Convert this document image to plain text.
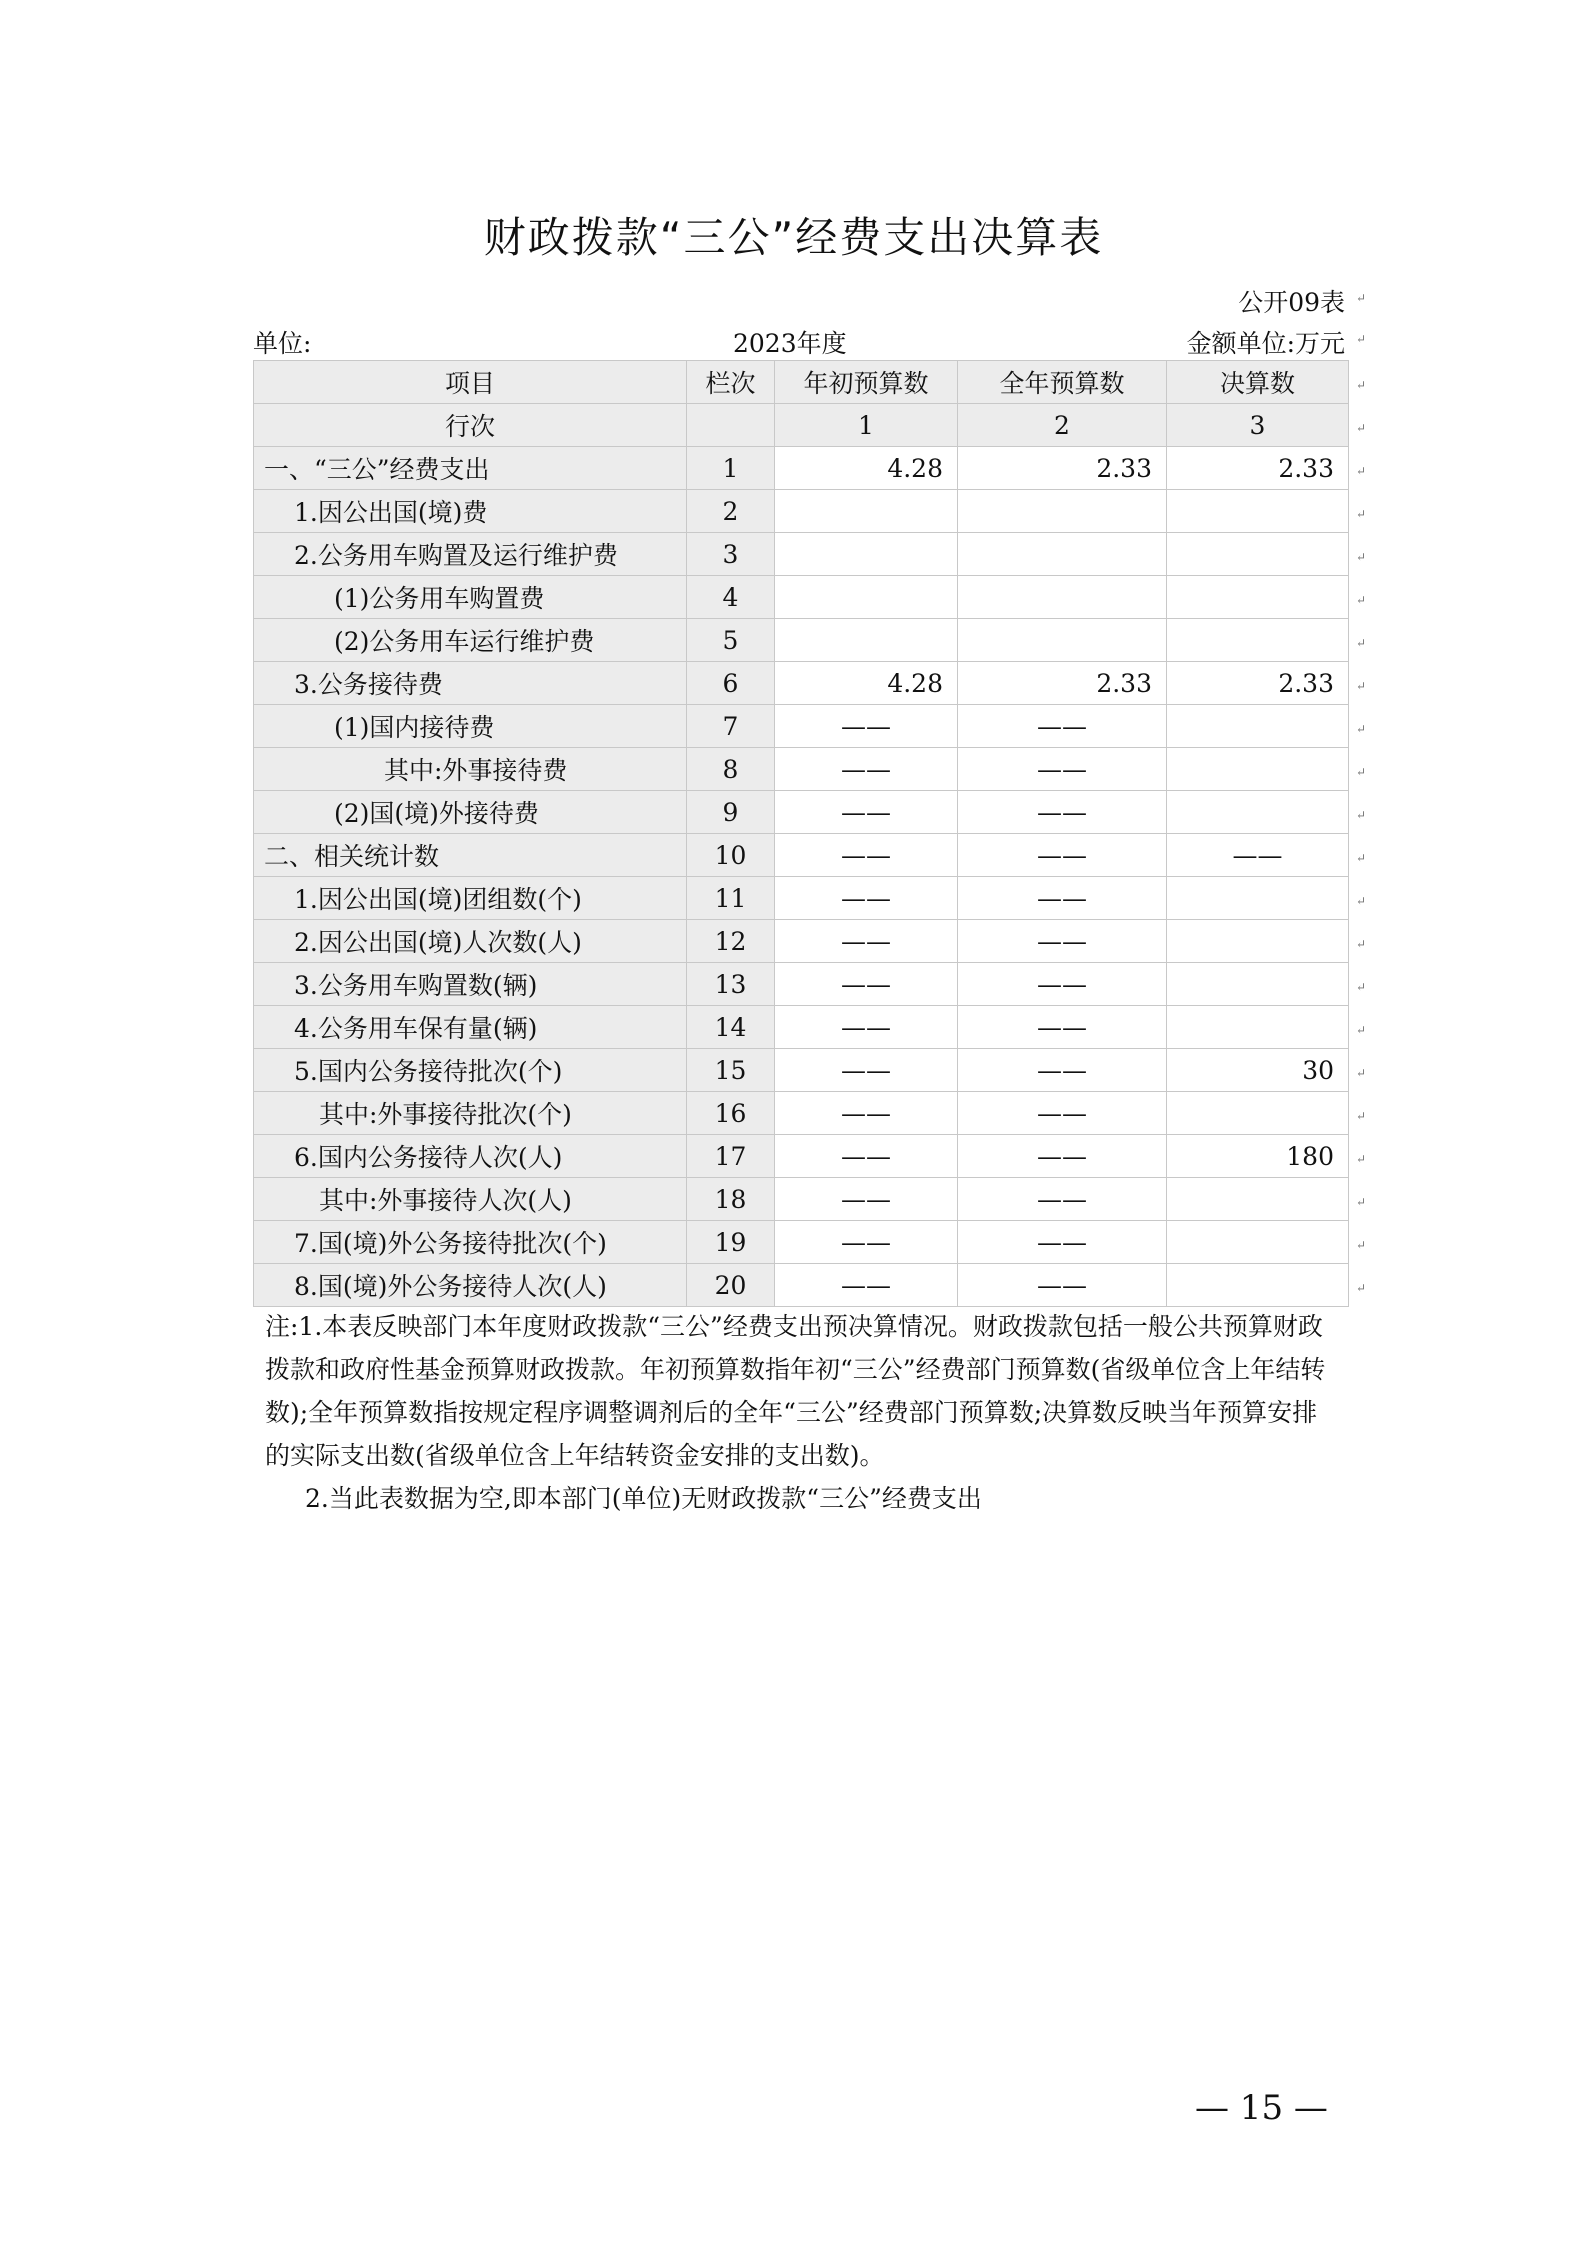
财政拨款“三公”经费支出决算表
公开09表
单位:	2023年度	金额单位:万元
项目	栏次	年初预算数	全年预算数	决算数
行次		1	2	3
一、“三公”经费支出	1	4.28	2.33	2.33
1.因公出国(境)费	2			
2.公务用车购置及运行维护费	3			
(1)公务用车购置费	4			
(2)公务用车运行维护费	5			
3.公务接待费	6	4.28	2.33	2.33
(1)国内接待费	7	——	——	
其中:外事接待费	8	——	——	
(2)国(境)外接待费	9	——	——	
二、相关统计数	10	——	——	——
1.因公出国(境)团组数(个)	11	——	——	
2.因公出国(境)人次数(人)	12	——	——	
3.公务用车购置数(辆)	13	——	——	
4.公务用车保有量(辆)	14	——	——	
5.国内公务接待批次(个)	15	——	——	30
其中:外事接待批次(个)	16	——	——	
6.国内公务接待人次(人)	17	——	——	180
其中:外事接待人次(人)	18	——	——	
7.国(境)外公务接待批次(个)	19	——	——	
8.国(境)外公务接待人次(人)	20	——	——	

注:1.本表反映部门本年度财政拨款“三公”经费支出预决算情况。财政拨款包括一般公共预算财政拨款和政府性基金预算财政拨款。年初预算数指年初“三公”经费部门预算数(省级单位含上年结转数);全年预算数指按规定程序调整调剂后的全年“三公”经费部门预算数;决算数反映当年预算安排的实际支出数(省级单位含上年结转资金安排的支出数)。

2.当此表数据为空,即本部门(单位)无财政拨款“三公”经费支出

— 15 —
↵
↵
↵
↵
↵
↵
↵
↵
↵
↵
↵
↵
↵
↵
↵
↵
↵
↵
↵
↵
↵
↵
↵
↵
